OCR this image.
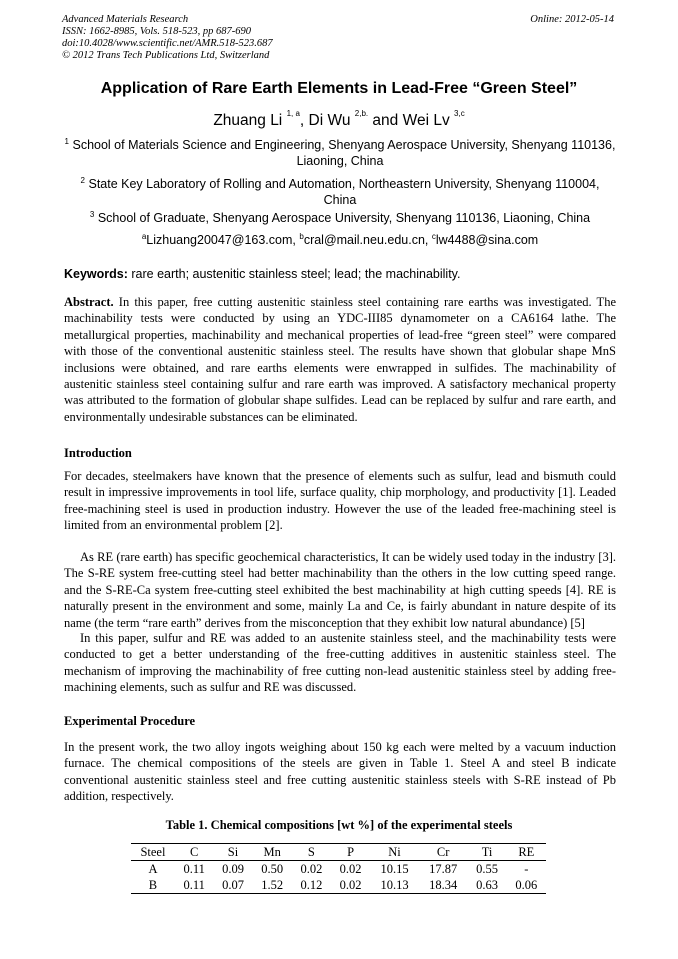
Advanced Materials Research
ISSN: 1662-8985, Vols. 518-523, pp 687-690
doi:10.4028/www.scientific.net/AMR.518-523.687
© 2012 Trans Tech Publications Ltd, Switzerland
Online: 2012-05-14
Application of Rare Earth Elements in Lead-Free “Green Steel”
Zhuang Li $^{1, a}$, Di Wu $^{2,b.}$ and Wei Lv $^{3,c}$
$^1$ School of Materials Science and Engineering, Shenyang Aerospace University, Shenyang 110136, Liaoning, China
$^2$ State Key Laboratory of Rolling and Automation, Northeastern University, Shenyang 110004, China
$^3$ School of Graduate, Shenyang Aerospace University, Shenyang 110136, Liaoning, China
$^a$Lizhuang20047@163.com, $^b$cral@mail.neu.edu.cn, $^c$lw4488@sina.com
Keywords: rare earth; austenitic stainless steel; lead; the machinability.

Abstract. In this paper, free cutting austenitic stainless steel containing rare earths was investigated. The machinability tests were conducted by using an YDC-III85 dynamometer on a CA6164 lathe. The metallurgical properties, machinability and mechanical properties of lead-free “green steel” were compared with those of the conventional austenitic stainless steel. The results have shown that globular shape MnS inclusions were obtained, and rare earths elements were enwrapped in sulfides. The machinability of austenitic stainless steel containing sulfur and rare earth was improved. A satisfactory mechanical property was attributed to the formation of globular shape sulfides. Lead can be replaced by sulfur and rare earth, and environmentally undesirable substances can be eliminated.

Introduction

For decades, steelmakers have known that the presence of elements such as sulfur, lead and bismuth could result in impressive improvements in tool life, surface quality, chip morphology, and productivity [1]. Leaded free-machining steel is used in production industry. However the use of the leaded free-machining steel is limited from an environmental problem [2].

As RE (rare earth) has specific geochemical characteristics, It can be widely used today in the industry [3]. The S-RE system free-cutting steel had better machinability than the others in the low cutting speed range. and the S-RE-Ca system free-cutting steel exhibited the best machinability at high cutting speeds [4]. RE is naturally present in the environment and some, mainly La and Ce, is fairly abundant in nature despite of its name (the term “rare earth” derives from the misconception that they exhibit low natural abundance) [5]

In this paper, sulfur and RE was added to an austenite stainless steel, and the machinability tests were conducted to get a better understanding of the free-cutting additives in austenitic stainless steel. The mechanism of improving the machinability of free cutting non-lead austenitic stainless steel by adding free-machining elements, such as sulfur and RE was discussed.

Experimental Procedure

In the present work, the two alloy ingots weighing about 150 kg each were melted by a vacuum induction furnace. The chemical compositions of the steels are given in Table 1. Steel A and steel B indicate conventional austenitic stainless steel and free cutting austenitic stainless steels with S-RE instead of Pb addition, respectively.

Table 1. Chemical compositions [wt %] of the experimental steels
Steel	C	Si	Mn	S	P	Ni	Cr	Ti	RE
A	0.11	0.09	0.50	0.02	0.02	10.15	17.87	0.55	-
B	0.11	0.07	1.52	0.12	0.02	10.13	18.34	0.63	0.06
